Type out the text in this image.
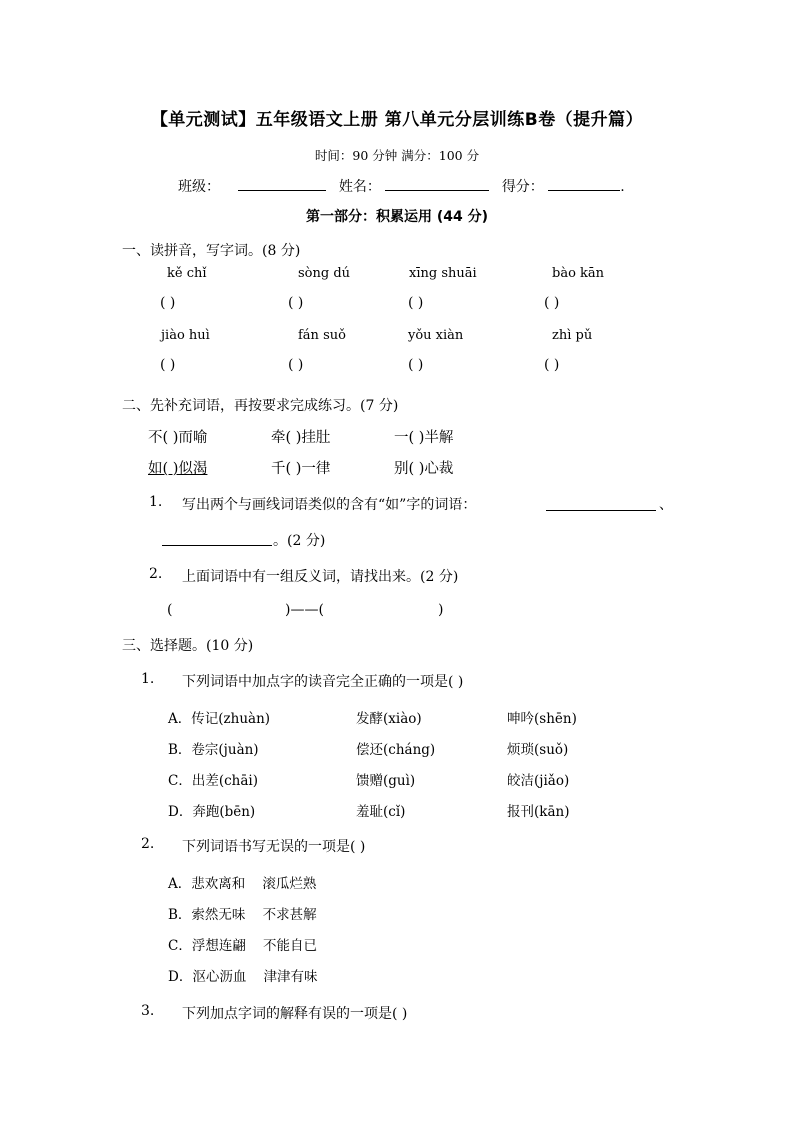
【单元测试】五年级语文上册 第八单元分层训练B卷（提升篇）
时间：90 分钟 满分：100 分
班级：	姓名：	得分：	.
第一部分：积累运用 (44 分)
一、读拼音，写字词。(8 分)
kě chǐ	sòng dú	xīng shuāi	bào kān
( )	( )	( )	( )
jiào huì	fán suǒ	yǒu xiàn	zhì pǔ
( )	( )	( )	( )
二、先补充词语，再按要求完成练习。(7 分)
不( )而喻	牵( )挂肚	一( )半解
如( )似渴	千( )一律	别( )心裁
1. 写出两个与画线词语类似的含有“如”字的词语：	、
。(2 分)
2. 上面词语中有一组反义词，请找出来。(2 分)
(	)——(	)
三、选择题。(10 分)
1. 下列词语中加点字的读音完全正确的一项是( )
A．传记(zhuàn)	发酵(xiào)	呻吟(shēn)
B．卷宗(juàn)	偿还(cháng)	烦琐(suǒ)
C．出差(chāi)	馈赠(guì)	皎洁(jiǎo)
D．奔跑(bēn)	羞耻(cǐ)	报刊(kān)
2. 下列词语书写无误的一项是( )
A．悲欢离和    滚瓜烂熟
B．索然无味    不求甚解
C．浮想连翩    不能自已
D．沤心沥血    津津有味
3. 下列加点字词的解释有误的一项是( )
